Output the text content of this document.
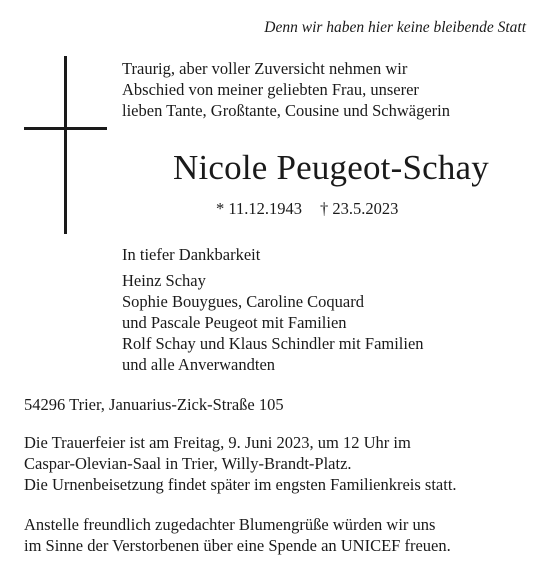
Denn wir haben hier keine bleibende Statt
Traurig, aber voller Zuversicht nehmen wir
Abschied von meiner geliebten Frau, unserer
lieben Tante, Großtante, Cousine und Schwägerin
Nicole Peugeot-Schay
* 11.12.1943 † 23.5.2023
In tiefer Dankbarkeit
Heinz Schay
Sophie Bouygues, Caroline Coquard
und Pascale Peugeot mit Familien
Rolf Schay und Klaus Schindler mit Familien
und alle Anverwandten
54296 Trier, Januarius-Zick-Straße 105
Die Trauerfeier ist am Freitag, 9. Juni 2023, um 12 Uhr im
Caspar-Olevian-Saal in Trier, Willy-Brandt-Platz.
Die Urnenbeisetzung findet später im engsten Familienkreis statt.
Anstelle freundlich zugedachter Blumengrüße würden wir uns
im Sinne der Verstorbenen über eine Spende an UNICEF freuen.
